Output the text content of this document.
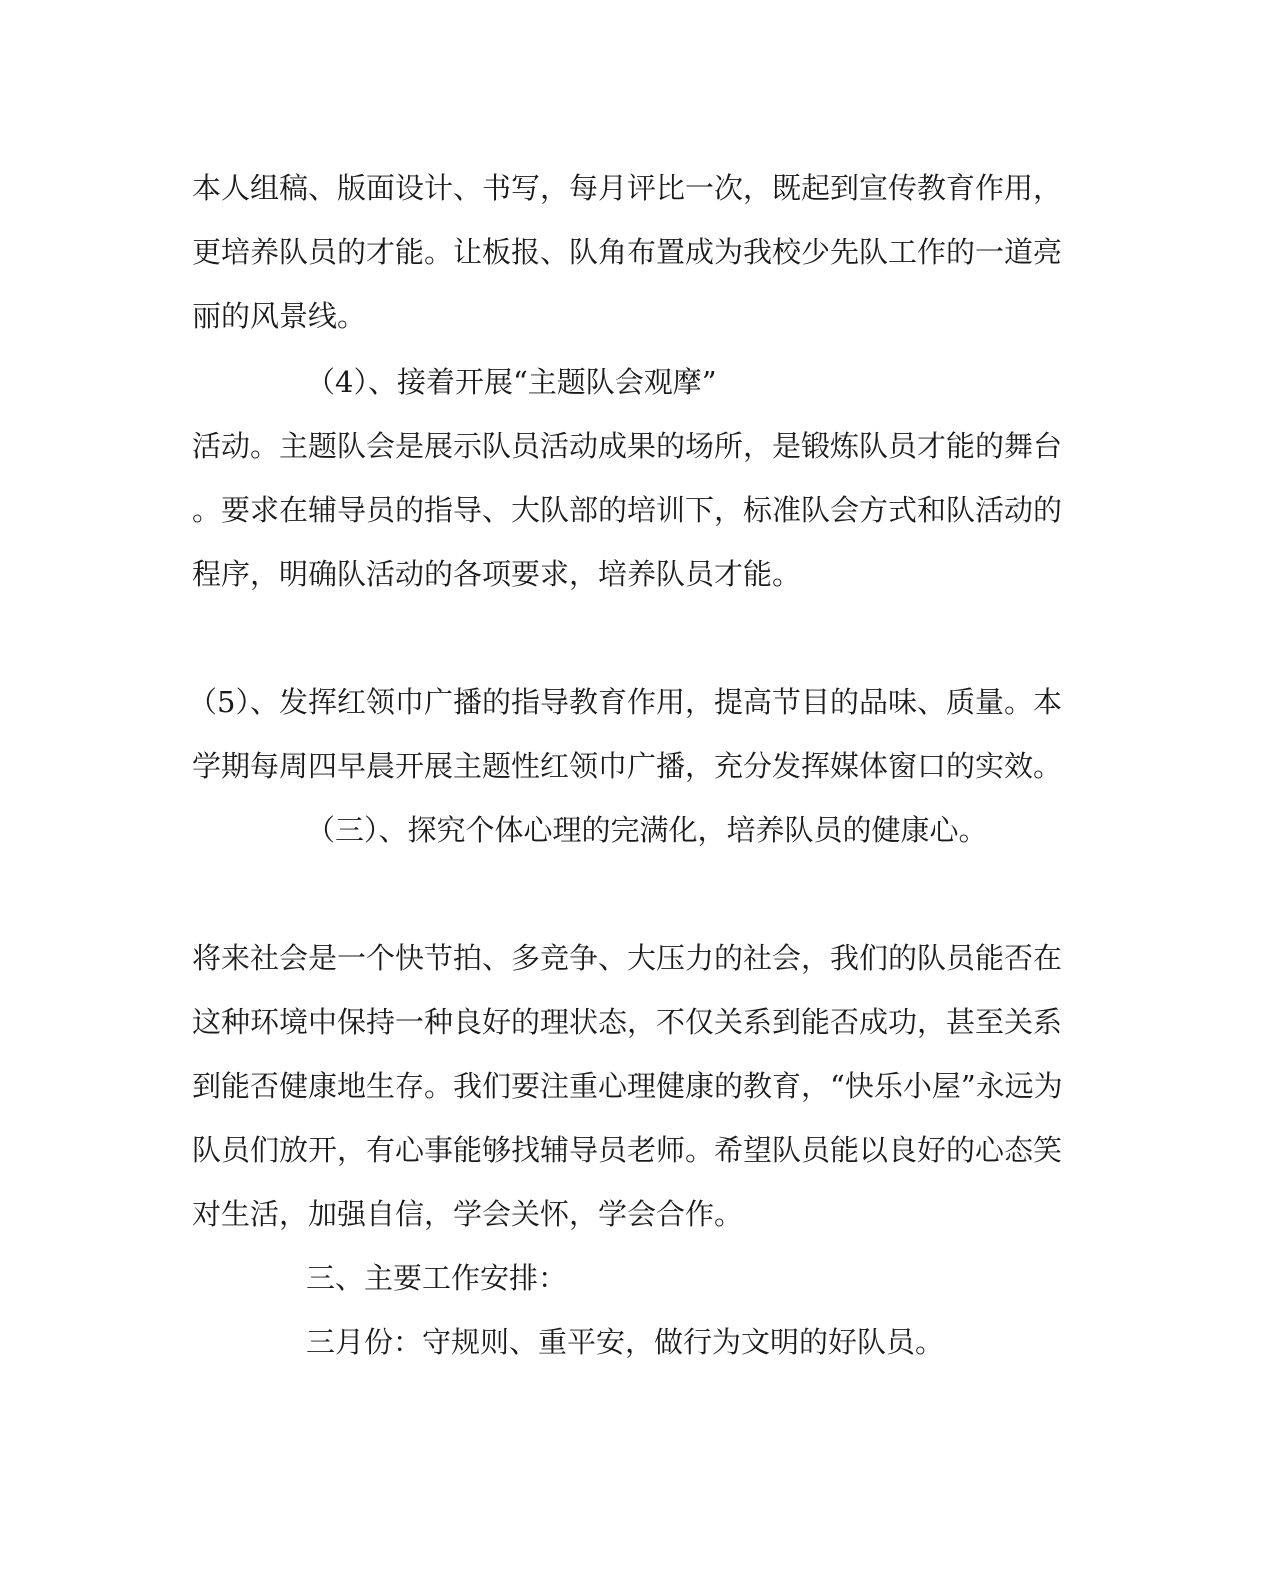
本人组稿、版面设计、书写，每月评比一次，既起到宣传教育作用，

更培养队员的才能。让板报、队角布置成为我校少先队工作的一道亮

丽的风景线。

（4）、接着开展“主题队会观摩”

活动。主题队会是展示队员活动成果的场所，是锻炼队员才能的舞台

。要求在辅导员的指导、大队部的培训下，标准队会方式和队活动的

程序，明确队活动的各项要求，培养队员才能。

（5）、发挥红领巾广播的指导教育作用，提高节目的品味、质量。本

学期每周四早晨开展主题性红领巾广播，充分发挥媒体窗口的实效。

（三）、探究个体心理的完满化，培养队员的健康心。

将来社会是一个快节拍、多竞争、大压力的社会，我们的队员能否在

这种环境中保持一种良好的理状态，不仅关系到能否成功，甚至关系

到能否健康地生存。我们要注重心理健康的教育，“快乐小屋”永远为

队员们放开，有心事能够找辅导员老师。希望队员能以良好的心态笑

对生活，加强自信，学会关怀，学会合作。

三、主要工作安排：

三月份：守规则、重平安，做行为文明的好队员。
